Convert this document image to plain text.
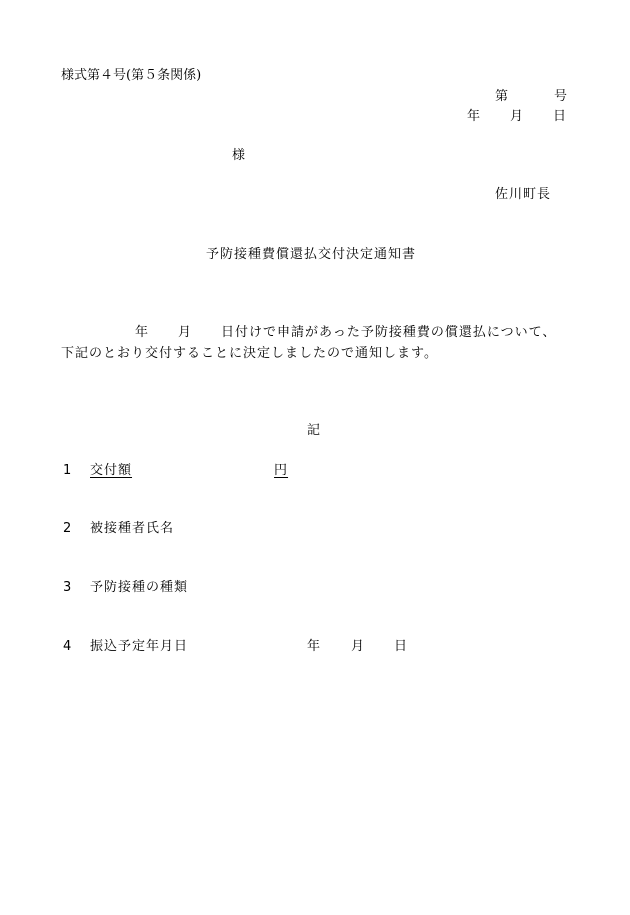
様式第４号(第５条関係)
第	号
年 月 日
様
佐川町長
予防接種費償還払交付決定通知書
年 月 日付けで申請があった予防接種費の償還払について、
下記のとおり交付することに決定しましたので通知します。
記
1 交付額	円
2 被接種者氏名
3 予防接種の種類
4 振込予定年月日	年 月 日
